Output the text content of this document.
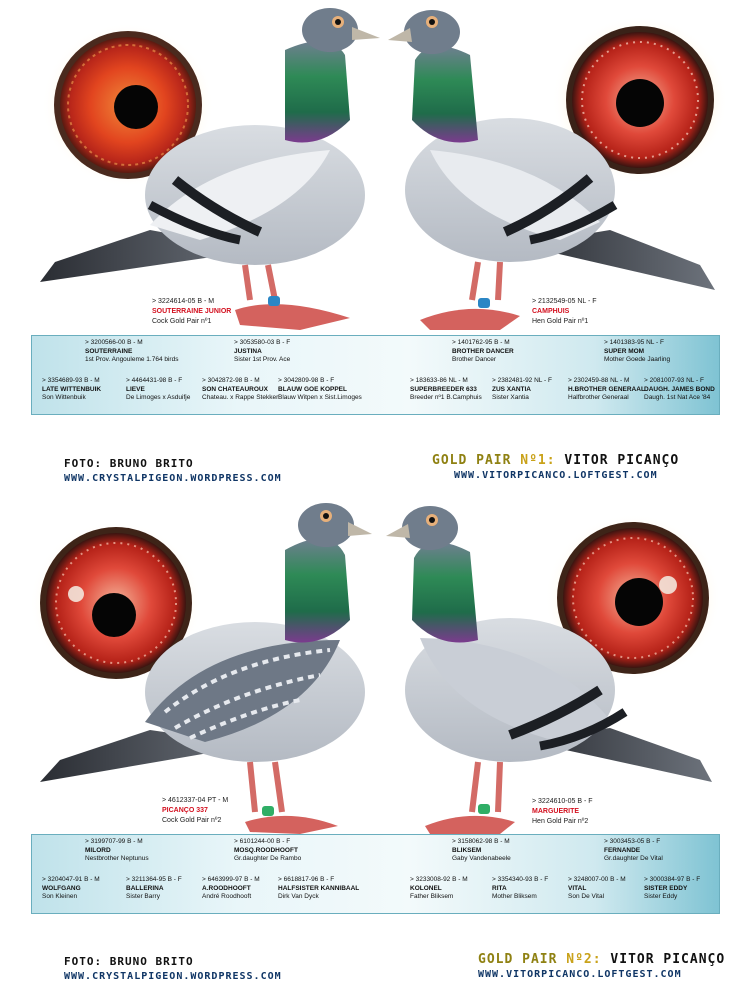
> 3224614-05 B - M
SOUTERRAINE JUNIOR
Cock Gold Pair nº1
> 2132549-05 NL - F
CAMPHUIS
Hen Gold Pair nº1
> 3200566-00 B - M
SOUTERRAINE
1st Prov. Angouleme 1.764 birds
> 3053580-03 B - F
JUSTINA
Sister 1st Prov. Ace
> 1401762-95 B - M
BROTHER DANCER
Brother Dancer
> 1401383-95 NL - F
SUPER MOM
Mother Goede Jaarling
> 3354689-93 B - M
LATE WITTENBUIK
Son Wittenbuik
> 4464431-98 B - F
LIEVE
De Limoges x Asduifje
> 3042872-98 B - M
SON CHATEAUROUX
Chateau. x Rappe Stekker
> 3042809-98 B - F
BLAUW GOE KOPPEL
Blauw Witpen x Sist.Limoges
> 183633-86 NL - M
SUPERBREEDER 633
Breeder nº1 B.Camphuis
> 2382481-92 NL - F
ZUS XANTIA
Sister Xantia
> 2302459-88 NL - M
H.BROTHER GENERAAL
Halfbrother Generaal
> 2081007-93 NL - F
DAUGH. JAMES BOND
Daugh. 1st Nat Ace '84
FOTO: BRUNO BRITO
WWW.CRYSTALPIGEON.WORDPRESS.COM
GOLD PAIR Nº1: VITOR PICANÇO
WWW.VITORPICANCO.LOFTGEST.COM
> 4612337-04 PT - M
PICANÇO 337
Cock Gold Pair nº2
> 3224610-05 B - F
MARGUERITE
Hen Gold Pair nº2
> 3199707-99 B - M
MILORD
Nestbrother Neptunus
> 6101244-00 B - F
MOSQ.ROODHOOFT
Gr.daughter De Rambo
> 3158062-98 B - M
BLIKSEM
Gaby Vandenabeele
> 3003453-05 B - F
FERNANDE
Gr.daughter De Vital
> 3204047-91 B - M
WOLFGANG
Son Kleinen
> 3211364-95 B - F
BALLERINA
Sister Barry
> 6463999-97 B - M
A.ROODHOOFT
André Roodhooft
> 6618817-96 B - F
HALFSISTER KANNIBAAL
Dirk Van Dyck
> 3233008-92 B - M
KOLONEL
Father Bliksem
> 3354340-93 B - F
RITA
Mother Bliksem
> 3248007-00 B - M
VITAL
Son De Vital
> 3000384-97 B - F
SISTER EDDY
Sister Eddy
FOTO: BRUNO BRITO
WWW.CRYSTALPIGEON.WORDPRESS.COM
GOLD PAIR Nº2: VITOR PICANÇO
WWW.VITORPICANCO.LOFTGEST.COM
